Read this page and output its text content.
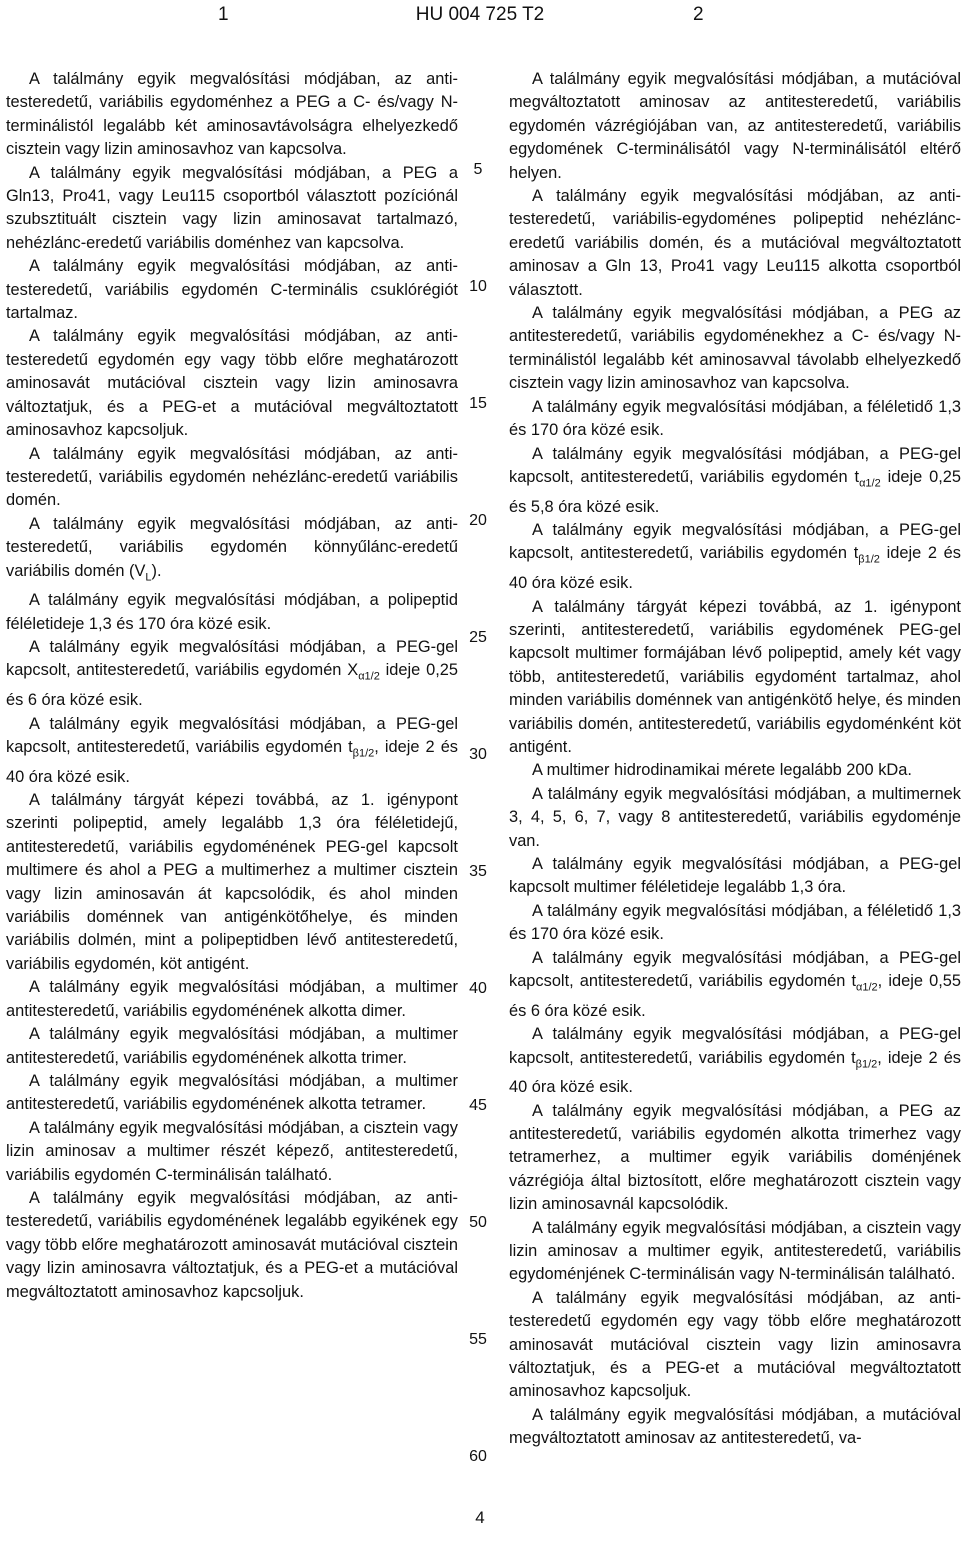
1	HU 004 725 T2	2

A találmány egyik megvalósítási módjában, az antitesteredetű, variábilis egydoménhez a PEG a C- és/vagy N-terminálistól legalább két aminosavtávolságra elhelyezkedő cisztein vagy lizin aminosavhoz van kapcsolva.

A találmány egyik megvalósítási módjában, a PEG a Gln13, Pro41, vagy Leu115 csoportból választott pozíciónál szubsztituált cisztein vagy lizin aminosavat tartalmazó, nehézlánc-eredetű variábilis doménhez van kapcsolva.

A találmány egyik megvalósítási módjában, az antitesteredetű, variábilis egydomén C-terminális csuklórégiót tartalmaz.

A találmány egyik megvalósítási módjában, az antitesteredetű egydomén egy vagy több előre meghatározott aminosavát mutációval cisztein vagy lizin aminosavra változtatjuk, és a PEG-et a mutációval megváltoztatott aminosavhoz kapcsoljuk.

A találmány egyik megvalósítási módjában, az antitesteredetű, variábilis egydomén nehézlánc-eredetű variábilis domén.

A találmány egyik megvalósítási módjában, az antitesteredetű, variábilis egydomén könnyűlánc-eredetű variábilis domén $(V_L)$.

A találmány egyik megvalósítási módjában, a polipeptid féléletideje 1,3 és 170 óra közé esik.

A találmány egyik megvalósítási módjában, a PEG-gel kapcsolt, antitesteredetű, variábilis egydomén $X_{\alpha 1/2}$ ideje 0,25 és 6 óra közé esik.

A találmány egyik megvalósítási módjában, a PEG-gel kapcsolt, antitesteredetű, variábilis egydomén $t_{\beta 1/2}$, ideje 2 és 40 óra közé esik.

A találmány tárgyát képezi továbbá, az 1. igénypont szerinti polipeptid, amely legalább 1,3 óra féléletidejű, antitesteredetű, variábilis egydoménének PEG-gel kapcsolt multimere és ahol a PEG a multimerhez a multimer cisztein vagy lizin aminosaván át kapcsolódik, és ahol minden variábilis doménnek van antigénkötőhelye, és minden variábilis dolmén, mint a polipeptidben lévő antitesteredetű, variábilis egydomén, köt antigént.

A találmány egyik megvalósítási módjában, a multimer antitesteredetű, variábilis egydoménének alkotta dimer.

A találmány egyik megvalósítási módjában, a multimer antitesteredetű, variábilis egydoménének alkotta trimer.

A találmány egyik megvalósítási módjában, a multimer antitesteredetű, variábilis egydoménének alkotta tetramer.

A találmány egyik megvalósítási módjában, a cisztein vagy lizin aminosav a multimer részét képező, antitesteredetű, variábilis egydomén C-terminálisán található.

A találmány egyik megvalósítási módjában, az antitesteredetű, variábilis egydoménének legalább egyikének egy vagy több előre meghatározott aminosavát mutációval cisztein vagy lizin aminosavra változtatjuk, és a PEG-et a mutációval megváltoztatott aminosavhoz kapcsoljuk.

5
10
15
20
25
30
35
40
45
50
55
60

A találmány egyik megvalósítási módjában, a mutációval megváltoztatott aminosav az antitesteredetű, variábilis egydomén vázrégiójában van, az antitesteredetű, variábilis egydomének C-terminálisától vagy N-terminálisától eltérő helyen.

A találmány egyik megvalósítási módjában, az antitesteredetű, variábilis-egydoménes polipeptid nehézlánc-eredetű variábilis domén, és a mutációval megváltoztatott aminosav a Gln 13, Pro41 vagy Leu115 alkotta csoportból választott.

A találmány egyik megvalósítási módjában, a PEG az antitesteredetű, variábilis egydoménekhez a C- és/vagy N-terminálistól legalább két aminosavval távolabb elhelyezkedő cisztein vagy lizin aminosavhoz van kapcsolva.

A találmány egyik megvalósítási módjában, a féléletidő 1,3 és 170 óra közé esik.

A találmány egyik megvalósítási módjában, a PEG-gel kapcsolt, antitesteredetű, variábilis egydomén $t_{\alpha 1/2}$ ideje 0,25 és 5,8 óra közé esik.

A találmány egyik megvalósítási módjában, a PEG-gel kapcsolt, antitesteredetű, variábilis egydomén $t_{\beta 1/2}$ ideje 2 és 40 óra közé esik.

A találmány tárgyát képezi továbbá, az 1. igénypont szerinti, antitesteredetű, variábilis egydomének PEG-gel kapcsolt multimer formájában lévő polipeptid, amely két vagy több, antitesteredetű, variábilis egydomént tartalmaz, ahol minden variábilis doménnek van antigénkötő helye, és minden variábilis domén, antitesteredetű, variábilis egydoménként köt antigént.

A multimer hidrodinamikai mérete legalább 200 kDa.

A találmány egyik megvalósítási módjában, a multimernek 3, 4, 5, 6, 7, vagy 8 antitesteredetű, variábilis egydoménje van.

A találmány egyik megvalósítási módjában, a PEG-gel kapcsolt multimer féléletideje legalább 1,3 óra.

A találmány egyik megvalósítási módjában, a féléletidő 1,3 és 170 óra közé esik.

A találmány egyik megvalósítási módjában, a PEG-gel kapcsolt, antitesteredetű, variábilis egydomén $t_{\alpha 1/2}$, ideje 0,55 és 6 óra közé esik.

A találmány egyik megvalósítási módjában, a PEG-gel kapcsolt, antitesteredetű, variábilis egydomén $t_{\beta 1/2}$, ideje 2 és 40 óra közé esik.

A találmány egyik megvalósítási módjában, a PEG az antitesteredetű, variábilis egydomén alkotta trimerhez vagy tetramerhez, a multimer egyik variábilis doménjének vázrégiója által biztosított, előre meghatározott cisztein vagy lizin aminosavnál kapcsolódik.

A találmány egyik megvalósítási módjában, a cisztein vagy lizin aminosav a multimer egyik, antitesteredetű, variábilis egydoménjének C-terminálisán vagy N-terminálisán található.

A találmány egyik megvalósítási módjában, az antitesteredetű egydomén egy vagy több előre meghatározott aminosavát mutációval cisztein vagy lizin aminosavra változtatjuk, és a PEG-et a mutációval megváltoztatott aminosavhoz kapcsoljuk.

A találmány egyik megvalósítási módjában, a mutációval megváltoztatott aminosav az antitesteredetű, va-

4
